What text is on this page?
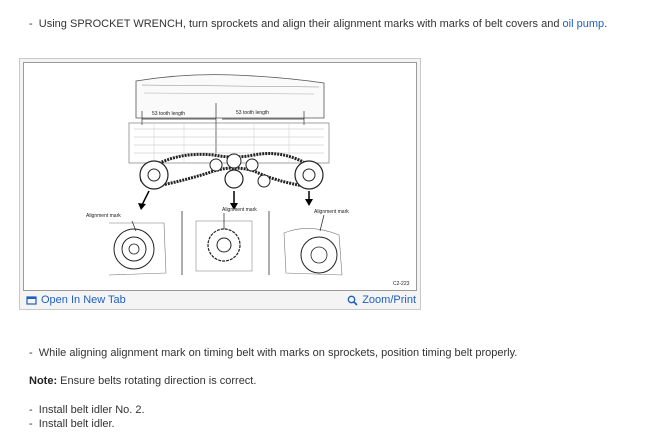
- Using SPROCKET WRENCH, turn sprockets and align their alignment marks with marks of belt covers and oil pump.
53 tooth length	53 tooth length
Alignment mark
Alignment mark	Alignment mark
C2-223
Open In New Tab	Zoom/Print
- While aligning alignment mark on timing belt with marks on sprockets, position timing belt properly.
Note: Ensure belts rotating direction is correct.
- Install belt idler No. 2.
- Install belt idler.
